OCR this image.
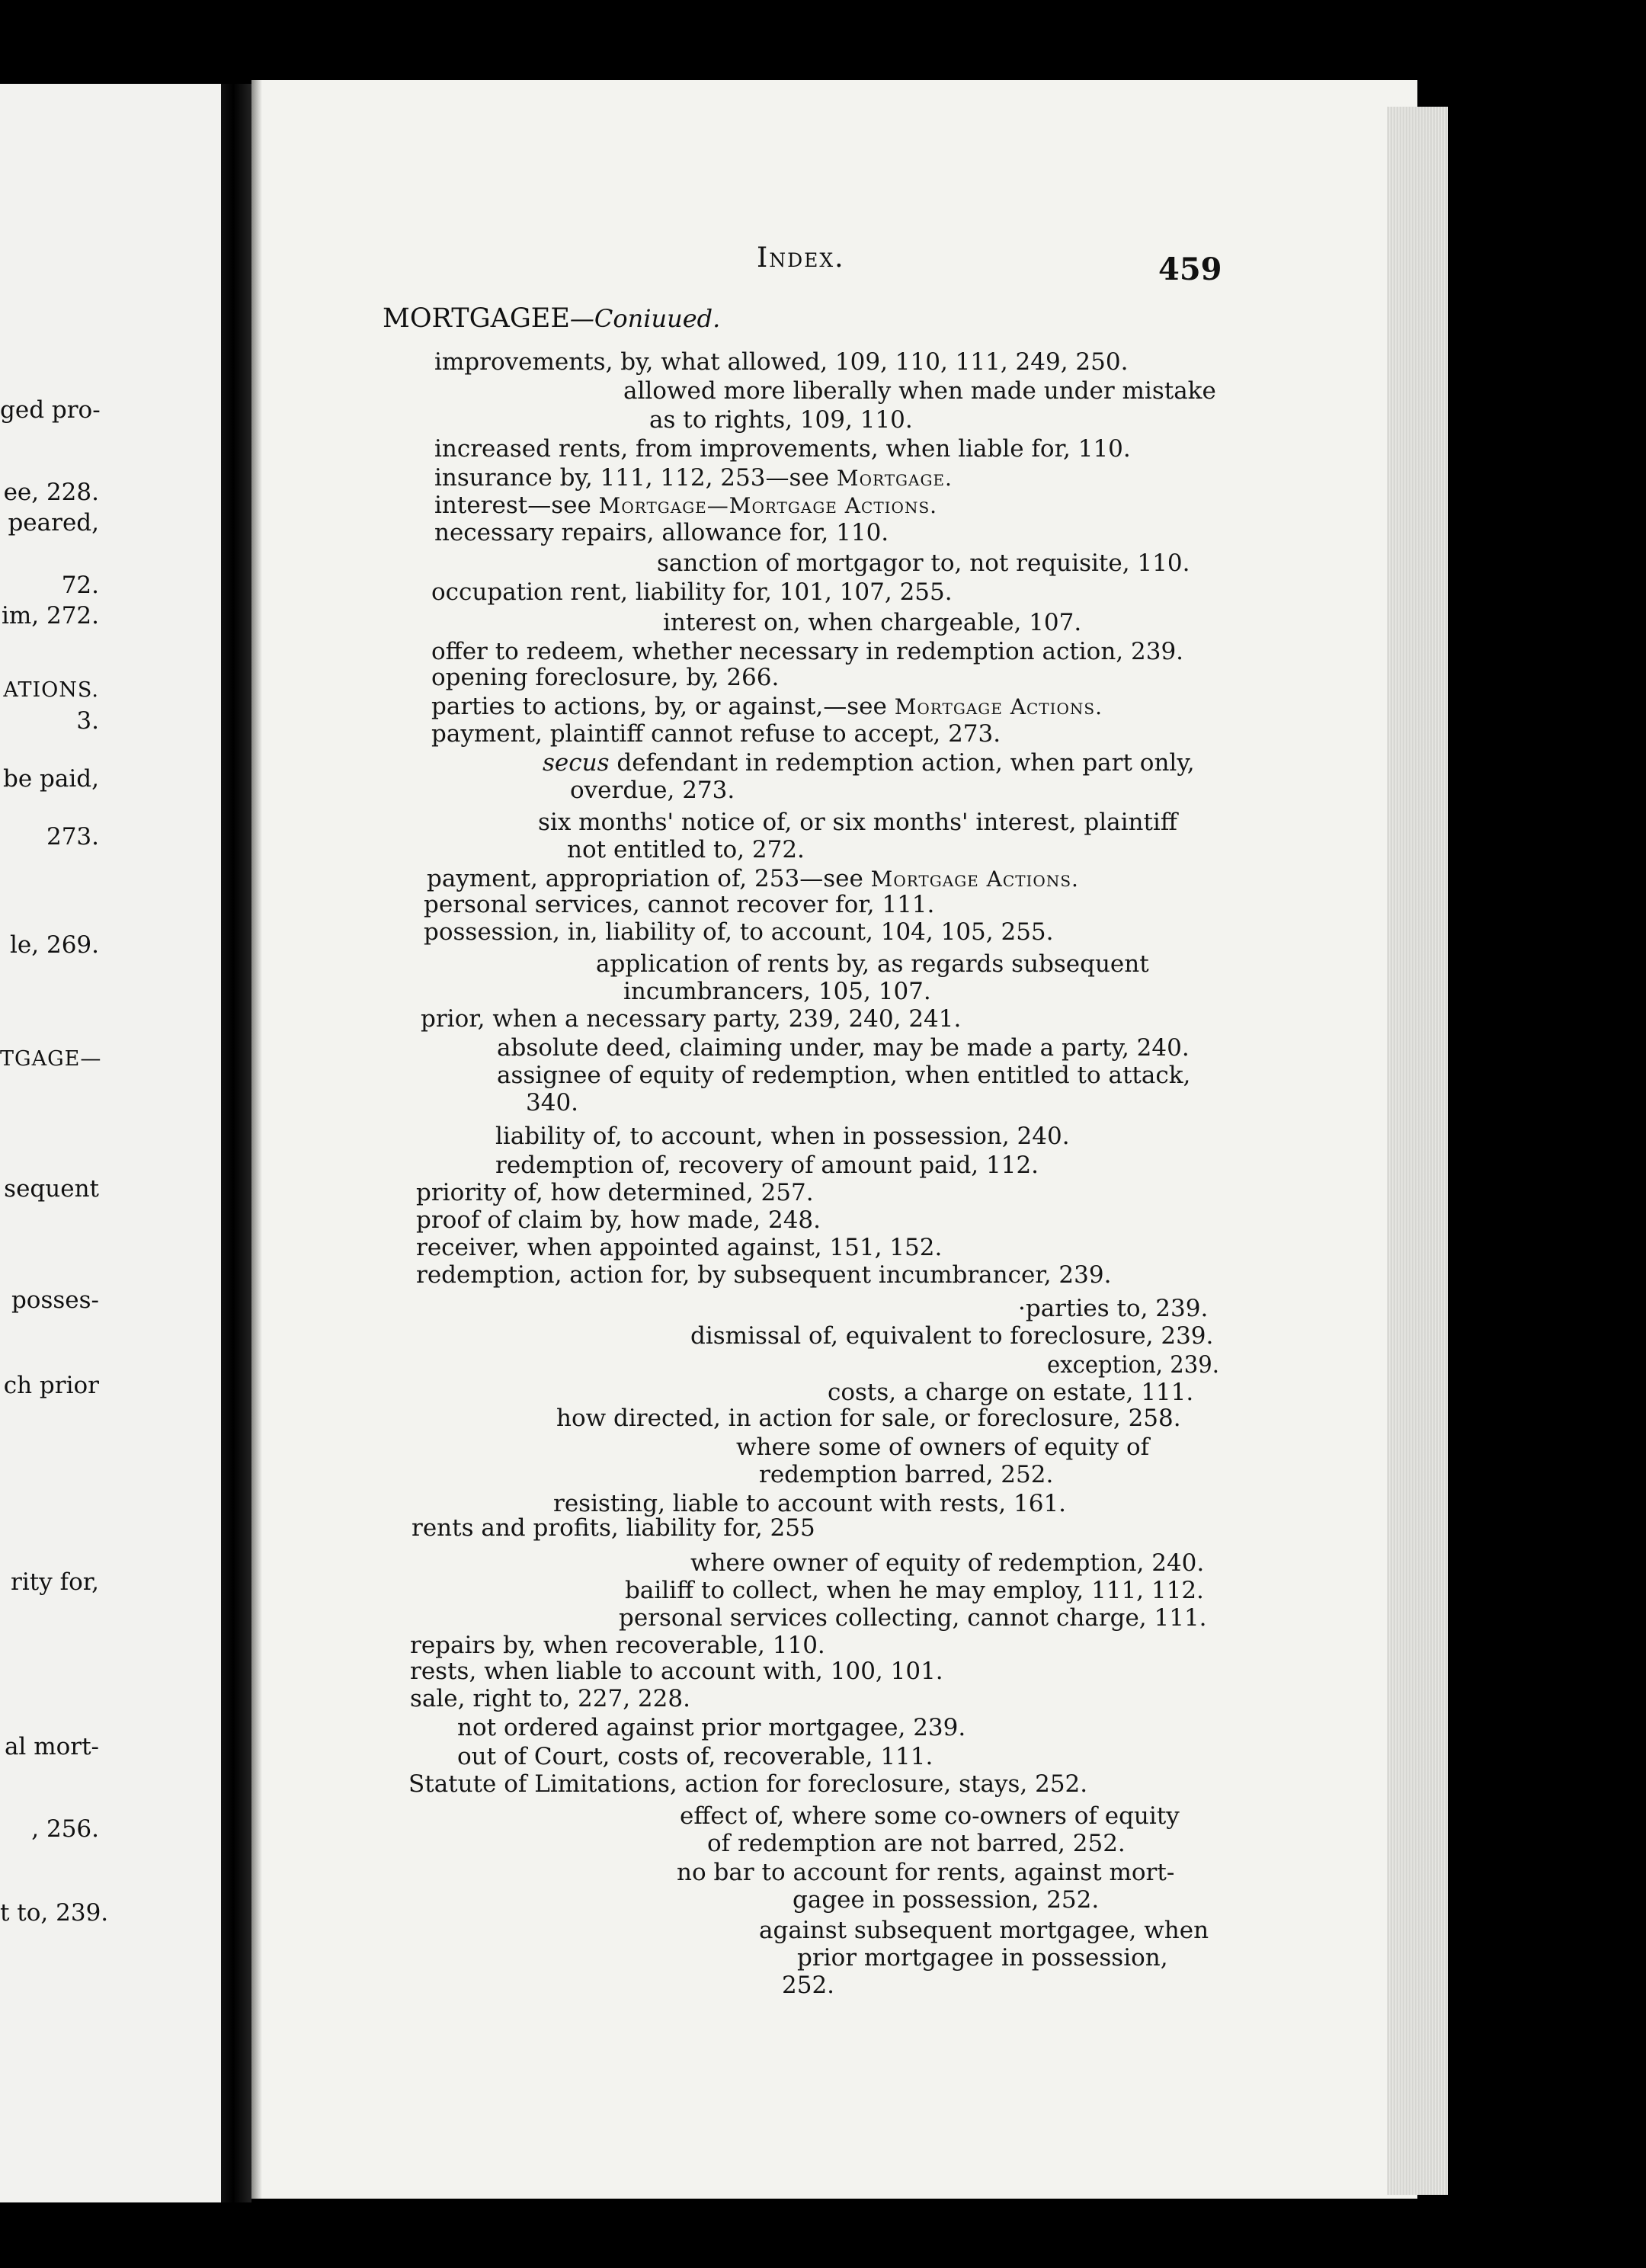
ged pro-
ee, 228.
peared,
72.
im, 272.
ATIONS.
3.
be paid,
273.
le, 269.
TGAGE—
sequent
posses-
ch prior
rity for,
al mort-
, 256.
t to, 239.
Index.	459
MORTGAGEE—Coniuued.
improvements, by, what allowed, 109, 110, 111, 249, 250.
allowed more liberally when made under mistake
as to rights, 109, 110.
increased rents, from improvements, when liable for, 110.
insurance by, 111, 112, 253—see Mortgage.
interest—see Mortgage—Mortgage Actions.
necessary repairs, allowance for, 110.
sanction of mortgagor to, not requisite, 110.
occupation rent, liability for, 101, 107, 255.
interest on, when chargeable, 107.
offer to redeem, whether necessary in redemption action, 239.
opening foreclosure, by, 266.
parties to actions, by, or against,—see Mortgage Actions.
payment, plaintiff cannot refuse to accept, 273.
secus defendant in redemption action, when part only,
overdue, 273.
six months' notice of, or six months' interest, plaintiff
not entitled to, 272.
payment, appropriation of, 253—see Mortgage Actions.
personal services, cannot recover for, 111.
possession, in, liability of, to account, 104, 105, 255.
application of rents by, as regards subsequent
incumbrancers, 105, 107.
prior, when a necessary party, 239, 240, 241.
absolute deed, claiming under, may be made a party, 240.
assignee of equity of redemption, when entitled to attack,
340.
liability of, to account, when in possession, 240.
redemption of, recovery of amount paid, 112.
priority of, how determined, 257.
proof of claim by, how made, 248.
receiver, when appointed against, 151, 152.
redemption, action for, by subsequent incumbrancer, 239.
·parties to, 239.
dismissal of, equivalent to foreclosure, 239.
exception, 239.
costs, a charge on estate, 111.
how directed, in action for sale, or foreclosure, 258.
where some of owners of equity of
redemption barred, 252.
resisting, liable to account with rests, 161.
rents and profits, liability for, 255
where owner of equity of redemption, 240.
bailiff to collect, when he may employ, 111, 112.
personal services collecting, cannot charge, 111.
repairs by, when recoverable, 110.
rests, when liable to account with, 100, 101.
sale, right to, 227, 228.
not ordered against prior mortgagee, 239.
out of Court, costs of, recoverable, 111.
Statute of Limitations, action for foreclosure, stays, 252.
effect of, where some co-owners of equity
of redemption are not barred, 252.
no bar to account for rents, against mort-
gagee in possession, 252.
against subsequent mortgagee, when
prior mortgagee in possession,
252.
